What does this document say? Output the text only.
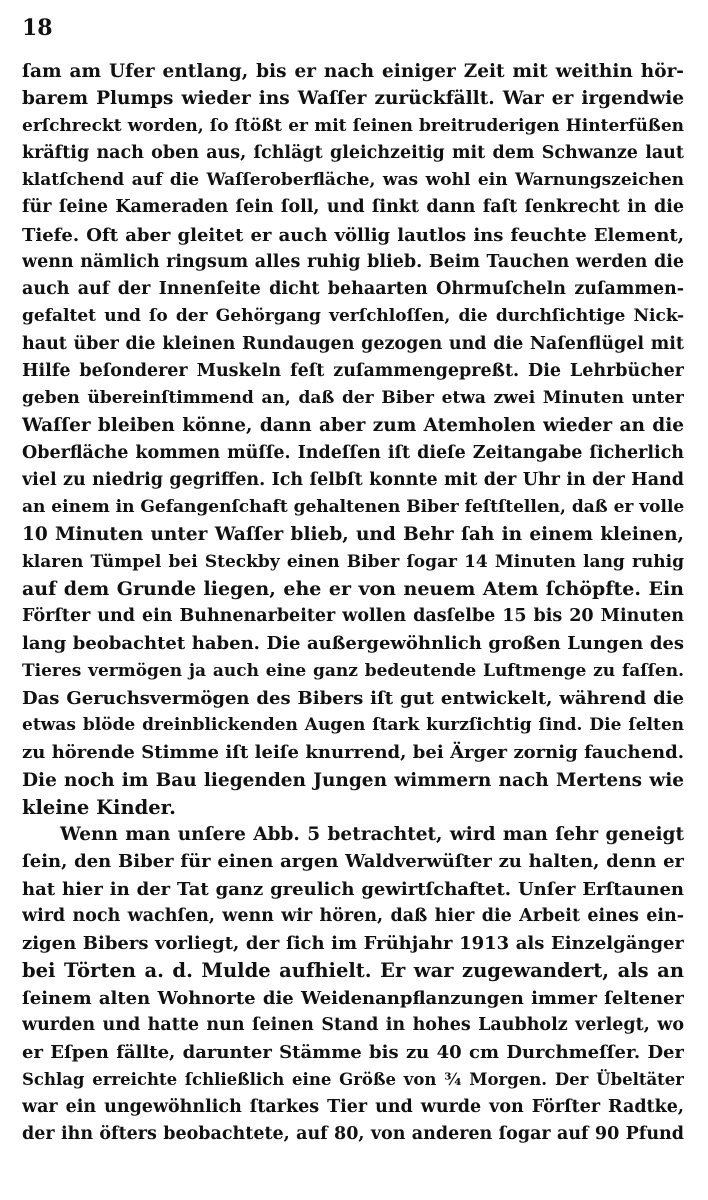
18
ſam am Ufer entlang, bis er nach einiger Zeit mit weithin hör-
barem Plumps wieder ins Waſſer zurückfällt. War er irgendwie
erſchreckt worden, ſo ſtößt er mit ſeinen breitruderigen Hinterfüßen
kräftig nach oben aus, ſchlägt gleichzeitig mit dem Schwanze laut
klatſchend auf die Waſſeroberfläche, was wohl ein Warnungszeichen
für ſeine Kameraden ſein ſoll, und ſinkt dann faſt ſenkrecht in die
Tiefe. Oft aber gleitet er auch völlig lautlos ins feuchte Element,
wenn nämlich ringsum alles ruhig blieb. Beim Tauchen werden die
auch auf der Innenſeite dicht behaarten Ohrmuſcheln zuſammen-
gefaltet und ſo der Gehörgang verſchloſſen, die durchſichtige Nick-
haut über die kleinen Rundaugen gezogen und die Naſenflügel mit
Hilfe beſonderer Muskeln feſt zuſammengepreßt. Die Lehrbücher
geben übereinſtimmend an, daß der Biber etwa zwei Minuten unter
Waſſer bleiben könne, dann aber zum Atemholen wieder an die
Oberfläche kommen müſſe. Indeſſen iſt dieſe Zeitangabe ſicherlich
viel zu niedrig gegriffen. Ich ſelbſt konnte mit der Uhr in der Hand
an einem in Gefangenſchaft gehaltenen Biber feſtſtellen, daß er volle
10 Minuten unter Waſſer blieb, und Behr ſah in einem kleinen,
klaren Tümpel bei Steckby einen Biber ſogar 14 Minuten lang ruhig
auf dem Grunde liegen, ehe er von neuem Atem ſchöpfte. Ein
Förſter und ein Buhnenarbeiter wollen dasſelbe 15 bis 20 Minuten
lang beobachtet haben. Die außergewöhnlich großen Lungen des
Tieres vermögen ja auch eine ganz bedeutende Luftmenge zu faſſen.
Das Geruchsvermögen des Bibers iſt gut entwickelt, während die
etwas blöde dreinblickenden Augen ſtark kurzſichtig ſind. Die ſelten
zu hörende Stimme iſt leiſe knurrend, bei Ärger zornig fauchend.
Die noch im Bau liegenden Jungen wimmern nach Mertens wie
kleine Kinder.
Wenn man unſere Abb. 5 betrachtet, wird man ſehr geneigt
ſein, den Biber für einen argen Waldverwüſter zu halten, denn er
hat hier in der Tat ganz greulich gewirtſchaftet. Unſer Erſtaunen
wird noch wachſen, wenn wir hören, daß hier die Arbeit eines ein-
zigen Bibers vorliegt, der ſich im Frühjahr 1913 als Einzelgänger
bei Törten a. d. Mulde aufhielt. Er war zugewandert, als an
ſeinem alten Wohnorte die Weidenanpflanzungen immer ſeltener
wurden und hatte nun ſeinen Stand in hohes Laubholz verlegt, wo
er Eſpen fällte, darunter Stämme bis zu 40 cm Durchmeſſer. Der
Schlag erreichte ſchließlich eine Größe von ¾ Morgen. Der Übeltäter
war ein ungewöhnlich ſtarkes Tier und wurde von Förſter Radtke,
der ihn öfters beobachtete, auf 80, von anderen ſogar auf 90 Pfund
